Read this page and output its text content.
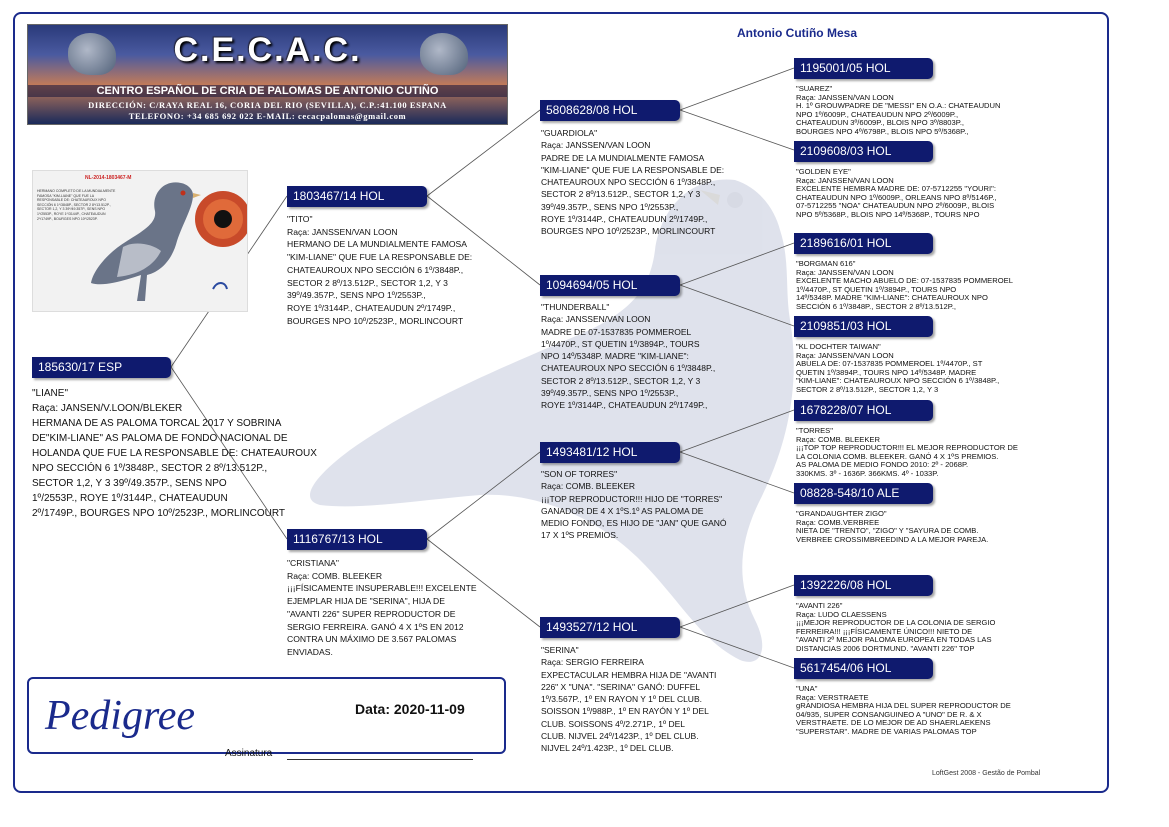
C.E.C.A.C.
CENTRO ESPAÑOL DE CRIA DE PALOMAS DE ANTONIO CUTIÑO
DIRECCIÓN: C/RAYA REAL 16, CORIA DEL RIO (SEVILLA), C.P.:41.100 ESPANA
TELEFONO: +34 685 692 022 E-MAIL: cecacpalomas@gmail.com
Antonio Cutiño Mesa
NL-2014-1803467-M
HERMANO COMPLETO DE LA MUNDIALMENTE FAMOSA "KIM-LIANE" QUE FUE LA RESPONSABLE DE: CHATEAUROUX NPO SECCIÓN 6 1º/3848P., SECTOR 2 8º/13.512P., SECTOR 1,2, Y 3 39º/49.357P., SENS NPO 1º/2553P., ROYE 1º/3144P., CHATEAUDUN 2º/1749P., BOURGES NPO 10º/2523P.
185630/17 ESP
"LIANE"
Raça: JANSEN/V.LOON/BLEKER
HERMANA DE AS PALOMA TORCAL 2017 Y SOBRINA
DE"KIM-LIANE" AS PALOMA DE FONDO NACIONAL DE
HOLANDA QUE FUE LA RESPONSABLE DE: CHATEAUROUX
NPO SECCIÓN 6 1º/3848P., SECTOR 2 8º/13.512P.,
SECTOR 1,2, Y 3 39º/49.357P., SENS NPO
1º/2553P., ROYE 1º/3144P., CHATEAUDUN
2º/1749P., BOURGES NPO 10º/2523P., MORLINCOURT
1803467/14 HOL
"TITO"
Raça: JANSSEN/VAN LOON
HERMANO DE LA MUNDIALMENTE FAMOSA
"KIM-LIANE" QUE FUE LA RESPONSABLE DE:
CHATEAUROUX NPO SECCIÓN 6 1º/3848P.,
SECTOR 2 8º/13.512P., SECTOR 1,2, Y 3
39º/49.357P., SENS NPO 1º/2553P.,
ROYE 1º/3144P., CHATEAUDUN 2º/1749P.,
BOURGES NPO 10º/2523P., MORLINCOURT
1116767/13 HOL
"CRISTIANA"
Raça: COMB. BLEEKER
¡¡¡FÍSICAMENTE INSUPERABLE!!! EXCELENTE
EJEMPLAR HIJA DE "SERINA", HIJA DE
"AVANTI 226" SUPER REPRODUCTOR DE
SERGIO FERREIRA. GANÓ 4 X 1ºS EN 2012
CONTRA UN MÁXIMO DE 3.567 PALOMAS
ENVIADAS.
5808628/08 HOL
"GUARDIOLA"
Raça: JANSSEN/VAN LOON
PADRE DE LA MUNDIALMENTE FAMOSA
"KIM-LIANE" QUE FUE LA RESPONSABLE DE:
CHATEAUROUX NPO SECCIÓN 6 1º/3848P.,
SECTOR 2 8º/13.512P., SECTOR 1,2, Y 3
39º/49.357P., SENS NPO 1º/2553P.,
ROYE 1º/3144P., CHATEAUDUN 2º/1749P.,
BOURGES NPO 10º/2523P., MORLINCOURT
1094694/05 HOL
"THUNDERBALL"
Raça: JANSSEN/VAN LOON
MADRE DE 07-1537835 POMMEROEL
1º/4470P., ST QUETIN 1º/3894P., TOURS
NPO 14º/5348P. MADRE "KIM-LIANE":
CHATEAUROUX NPO SECCIÓN 6 1º/3848P.,
SECTOR 2 8º/13.512P., SECTOR 1,2, Y 3
39º/49.357P., SENS NPO 1º/2553P.,
ROYE 1º/3144P., CHATEAUDUN 2º/1749P.,
1493481/12 HOL
"SON OF TORRES"
Raça: COMB. BLEEKER
¡¡¡TOP REPRODUCTOR!!! HIJO DE "TORRES"
GANADOR DE 4 X 1ºS.1º AS PALOMA DE
MEDIO FONDO, ES HIJO DE "JAN" QUE GANÓ
17 X 1ºS PREMIOS.
1493527/12 HOL
"SERINA"
Raça: SERGIO FERREIRA
EXPECTACULAR HEMBRA HIJA DE "AVANTI
226" X "UNA". "SERINA" GANÓ: DUFFEL
1º/3.567P., 1º EN RAYON Y 1º DEL CLUB.
SOISSON 1º/988P., 1º EN RAYÓN Y 1º DEL
CLUB. SOISSONS 4º/2.271P., 1º DEL
CLUB. NIJVEL 24º/1423P., 1º DEL CLUB.
NIJVEL 24º/1.423P., 1º DEL CLUB.
1195001/05 HOL
"SUAREZ"
Raça: JANSSEN/VAN LOON
H. 1º GROUWPADRE DE "MESSI" EN O.A.: CHATEAUDUN
NPO 1º/6009P., CHATEAUDUN NPO 2º/6009P.,
CHATEAUDUN 3º/6009P., BLOIS NPO 3º/8803P.,
BOURGES NPO 4º/6798P., BLOIS NPO 5º/5368P.,
2109608/03 HOL
"GOLDEN EYE"
Raça: JANSSEN/VAN LOON
EXCELENTE HEMBRA MADRE DE: 07-5712255 "YOURI":
CHATEAUDUN NPO 1º/6009P., ORLEANS NPO 8º/5146P.,
07-5712255 "NOA" CHATEAUDUN NPO 2º/6009P., BLOIS
NPO 5º/5368P., BLOIS NPO 14º/5368P., TOURS NPO
2189616/01 HOL
"BORGMAN 616"
Raça: JANSSEN/VAN LOON
EXCELENTE MACHO ABUELO DE: 07-1537835 POMMEROEL
1º/4470P., ST QUETIN 1º/3894P., TOURS NPO
14º/5348P. MADRE "KIM-LIANE": CHATEAUROUX NPO
SECCIÓN 6 1º/3848P., SECTOR 2 8º/13.512P.,
2109851/03 HOL
"KL DOCHTER TAIWAN"
Raça: JANSSEN/VAN LOON
ABUELA DE: 07-1537835 POMMEROEL 1º/4470P., ST
QUETIN 1º/3894P., TOURS NPO 14º/5348P. MADRE
"KIM-LIANE": CHATEAUROUX NPO SECCIÓN 6 1º/3848P.,
SECTOR 2 8º/13.512P., SECTOR 1,2, Y 3
1678228/07 HOL
"TORRES"
Raça: COMB. BLEEKER
¡¡¡TOP TOP REPRODUCTOR!!! EL MEJOR REPRODUCTOR DE
LA COLONIA COMB. BLEEKER. GANÓ 4 X 1ºS PREMIOS.
AS PALOMA DE MEDIO FONDO 2010: 2º - 2068P.
330KMS. 3º - 1636P. 366KMS. 4º - 1033P.
08828-548/10 ALE
"GRANDAUGHTER ZIGO"
Raça: COMB.VERBREE
NIETA DE "TRENTO", "ZIGO" Y "SAYURA DE COMB.
VERBREE CROSSIMBREEDIND A LA MEJOR PAREJA.
1392226/08 HOL
"AVANTI 226"
Raça: LUDO CLAESSENS
¡¡¡MEJOR REPRODUCTOR DE LA COLONIA DE SERGIO
FERREIRA!!! ¡¡¡FÍSICAMENTE ÚNICO!!! NIETO DE
"AVANTI 2º MEJOR PALOMA EUROPEA EN TODAS LAS
DISTANCIAS 2006 DORTMUND. "AVANTI 226" TOP
5617454/06 HOL
"UNA"
Raça: VERSTRAETE
gRANDIOSA HEMBRA HIJA DEL SUPER REPRODUCTOR DE
04/935, SUPER CONSANGUINEO A "UNO" DE R. & X
VERSTRAETE. DE LO MEJOR DE AD SHAERLAEKENS
"SUPERSTAR". MADRE DE VARIAS PALOMAS TOP
Pedigree	Data: 2020-11-09
Assinatura
LoftGest 2008 - Gestão de Pombal
